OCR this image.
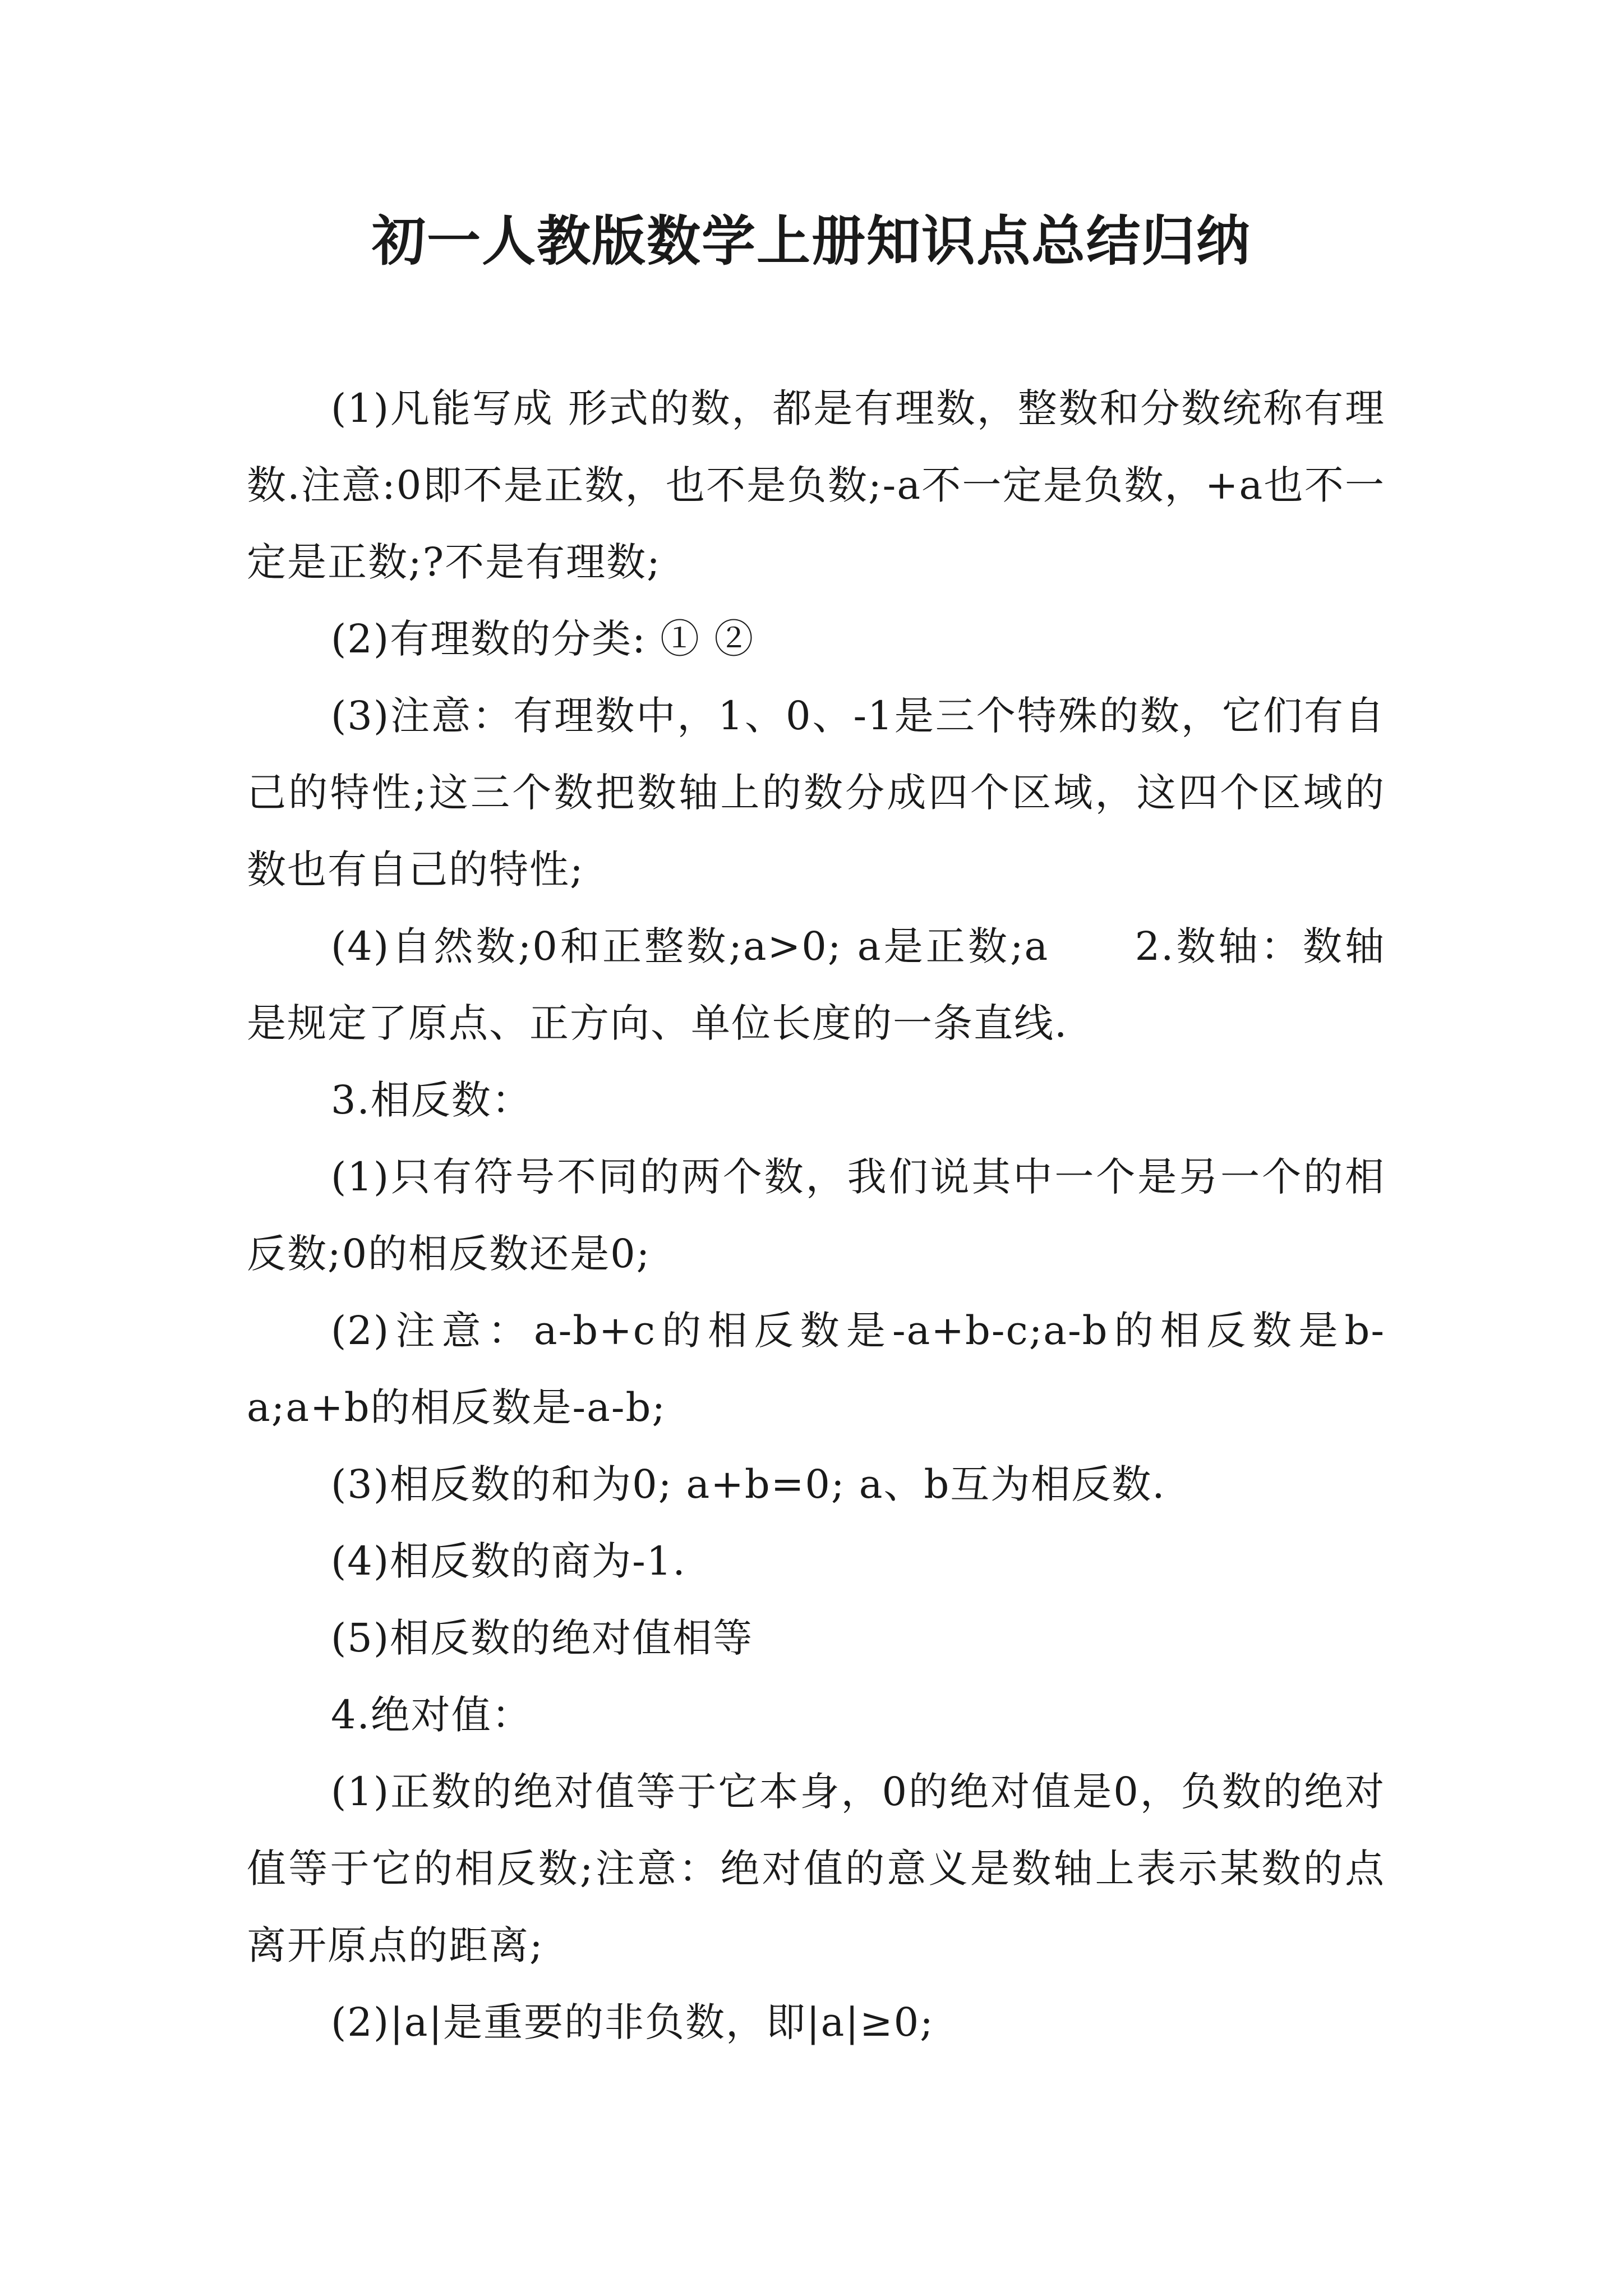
初一人教版数学上册知识点总结归纳

(1)凡能写成 形式的数，都是有理数，整数和分数统称有理数.注意:0即不是正数，也不是负数;-a不一定是负数，+a也不一定是正数;?不是有理数;

(2)有理数的分类: ① ②

(3)注意：有理数中，1、0、-1是三个特殊的数，它们有自己的特性;这三个数把数轴上的数分成四个区域，这四个区域的数也有自己的特性;

(4)自然数;0和正整数;a>0; a是正数;a　　2.数轴：数轴是规定了原点、正方向、单位长度的一条直线.

3.相反数：

(1)只有符号不同的两个数，我们说其中一个是另一个的相反数;0的相反数还是0;

(2)注意：a-b+c的相反数是-a+b-c;a-b的相反数是b-a;a+b的相反数是-a-b;

(3)相反数的和为0; a+b=0; a、b互为相反数.

(4)相反数的商为-1.

(5)相反数的绝对值相等

4.绝对值：

(1)正数的绝对值等于它本身，0的绝对值是0，负数的绝对值等于它的相反数;注意：绝对值的意义是数轴上表示某数的点离开原点的距离;

(2)|a|是重要的非负数，即|a|≥0;
